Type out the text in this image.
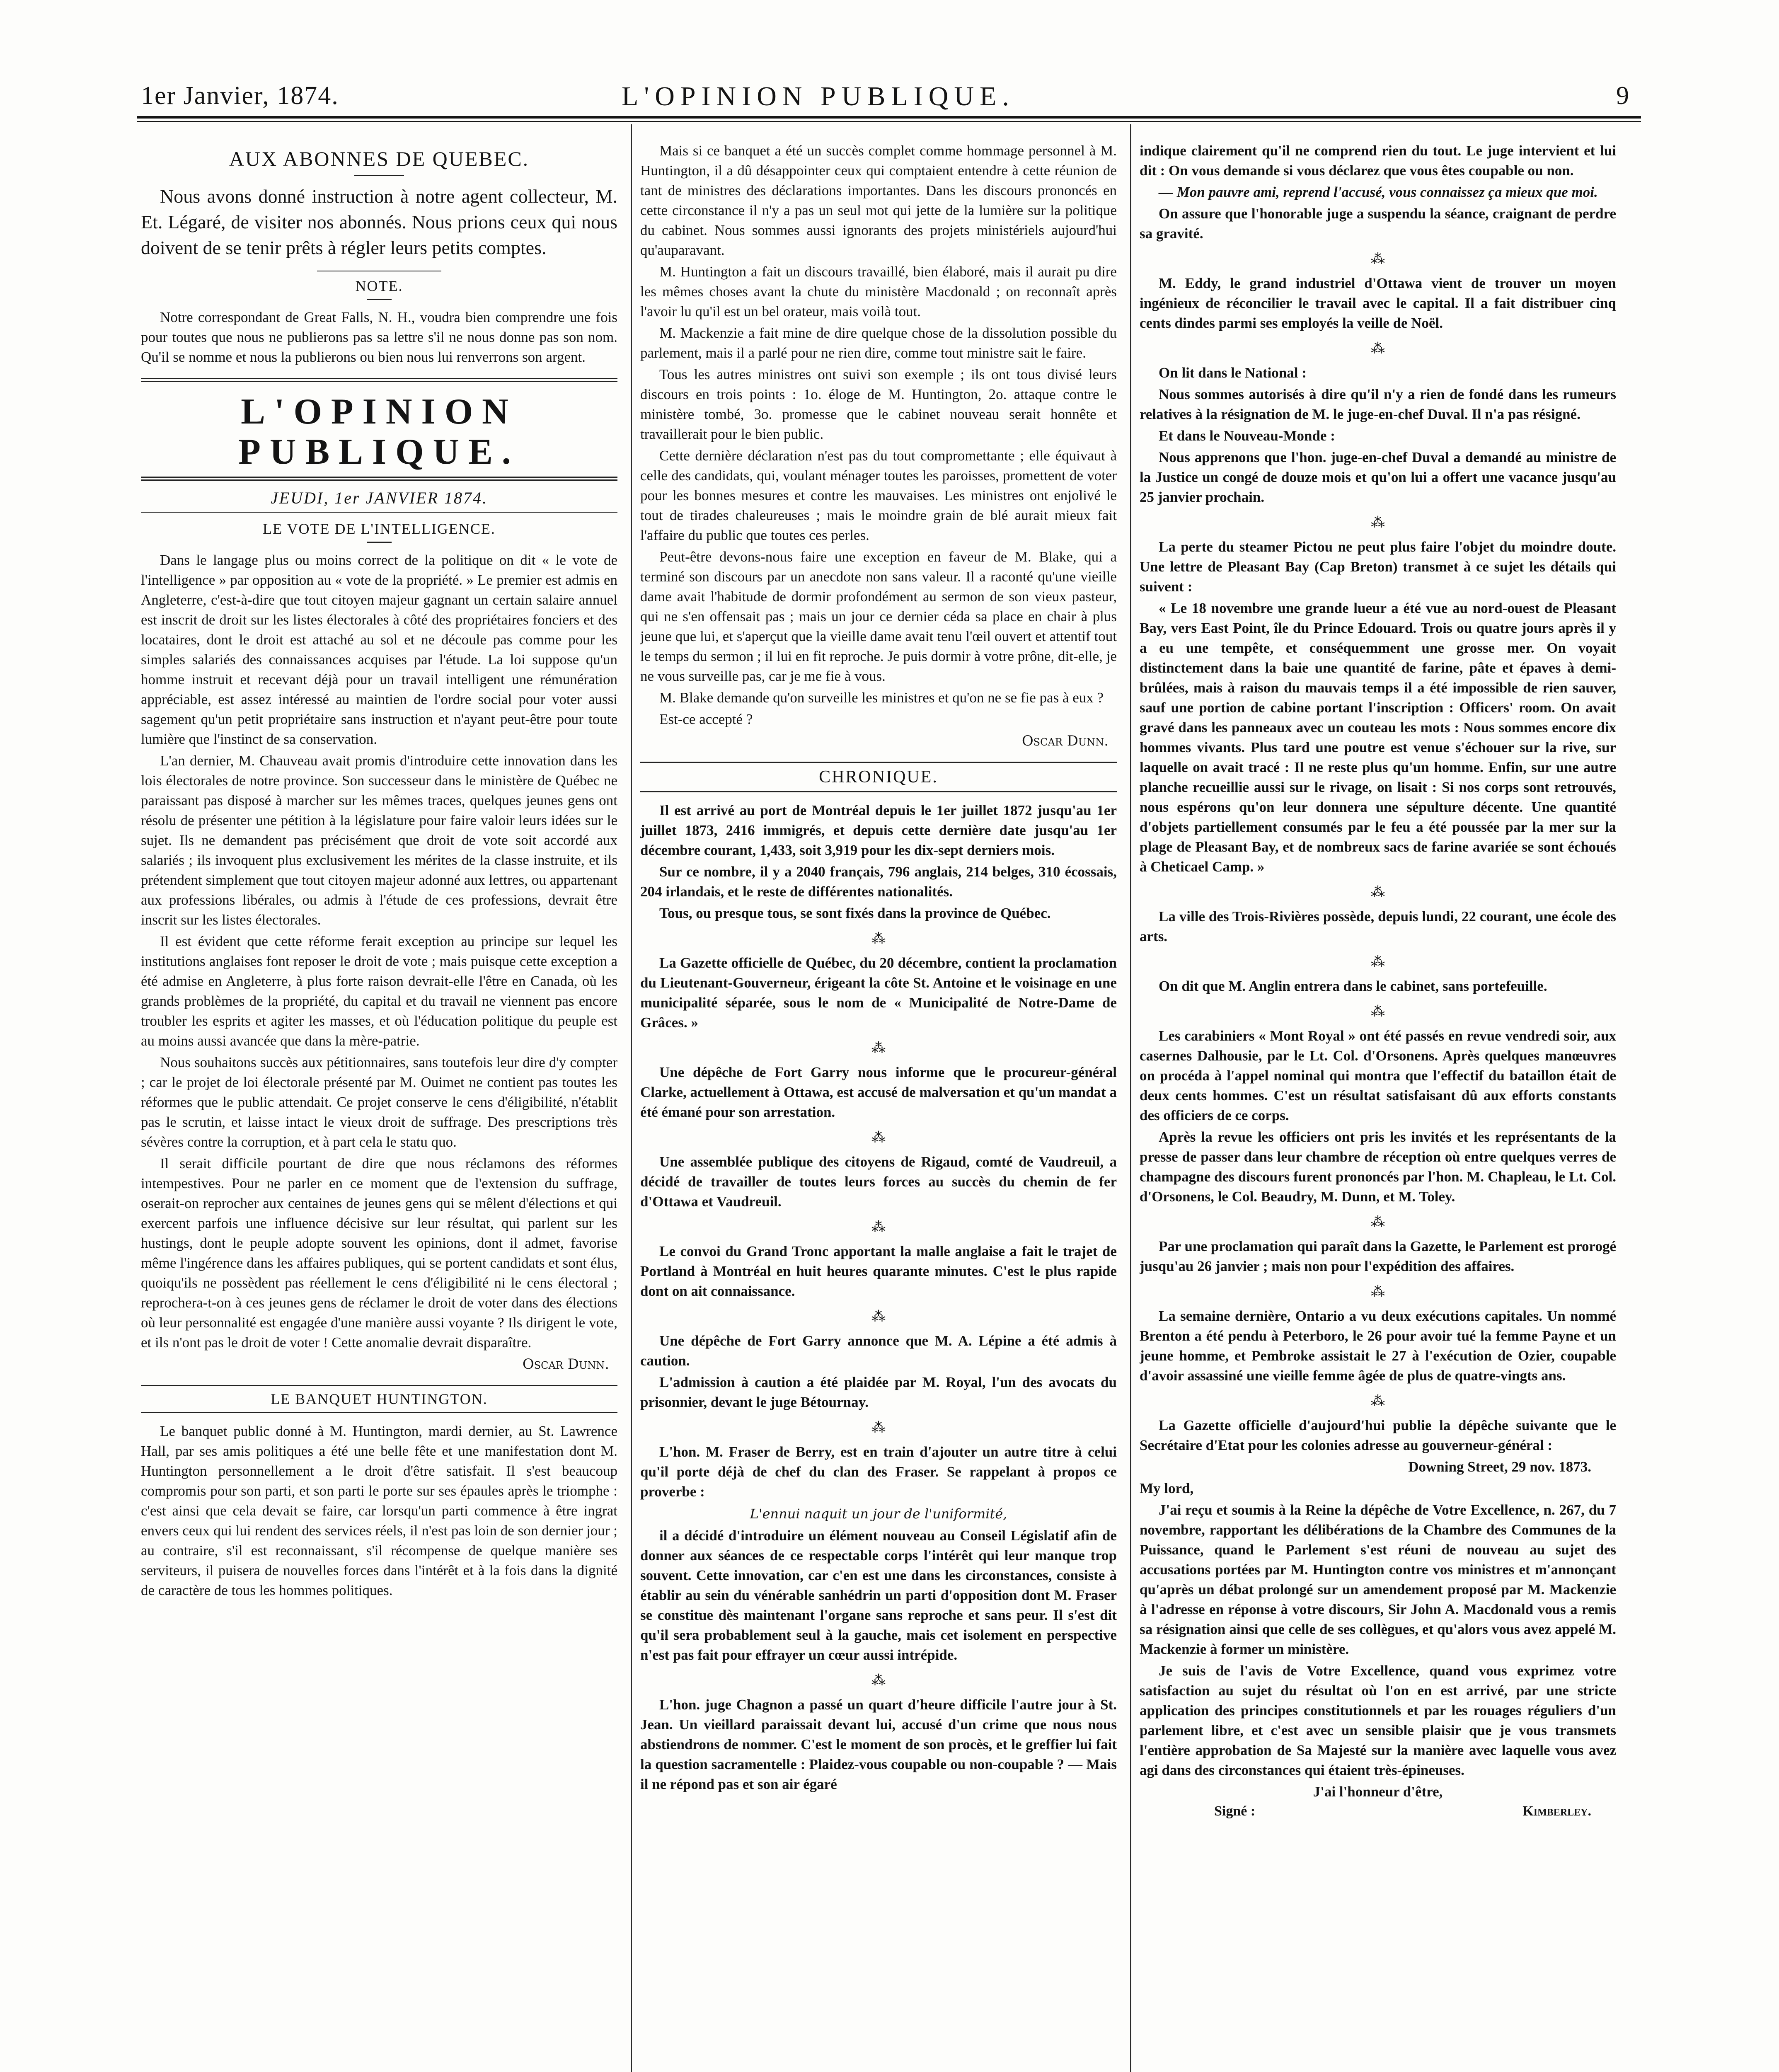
1er Janvier, 1874.	L'OPINION PUBLIQUE.	9
AUX ABONNES DE QUEBEC.

Nous avons donné instruction à notre agent collecteur, M. Et. Légaré, de visiter nos abonnés. Nous prions ceux qui nous doivent de se tenir prêts à régler leurs petits comptes.

NOTE.

Notre correspondant de Great Falls, N. H., voudra bien comprendre une fois pour toutes que nous ne publierons pas sa lettre s'il ne nous donne pas son nom. Qu'il se nomme et nous la publierons ou bien nous lui renverrons son argent.

L'OPINION PUBLIQUE.
JEUDI, 1er JANVIER 1874.
LE VOTE DE L'INTELLIGENCE.

Dans le langage plus ou moins correct de la politique on dit « le vote de l'intelligence » par opposition au « vote de la propriété. » Le premier est admis en Angleterre, c'est-à-dire que tout citoyen majeur gagnant un certain salaire annuel est inscrit de droit sur les listes électorales à côté des propriétaires fonciers et des locataires, dont le droit est attaché au sol et ne découle pas comme pour les simples salariés des connaissances acquises par l'étude. La loi suppose qu'un homme instruit et recevant déjà pour un travail intelligent une rémunération appréciable, est assez intéressé au maintien de l'ordre social pour voter aussi sagement qu'un petit propriétaire sans instruction et n'ayant peut-être pour toute lumière que l'instinct de sa conservation.

L'an dernier, M. Chauveau avait promis d'introduire cette innovation dans les lois électorales de notre province. Son successeur dans le ministère de Québec ne paraissant pas disposé à marcher sur les mêmes traces, quelques jeunes gens ont résolu de présenter une pétition à la législature pour faire valoir leurs idées sur le sujet. Ils ne demandent pas précisément que droit de vote soit accordé aux salariés ; ils invoquent plus exclusivement les mérites de la classe instruite, et ils prétendent simplement que tout citoyen majeur adonné aux lettres, ou appartenant aux professions libérales, ou admis à l'étude de ces professions, devrait être inscrit sur les listes électorales.

Il est évident que cette réforme ferait exception au principe sur lequel les institutions anglaises font reposer le droit de vote ; mais puisque cette exception a été admise en Angleterre, à plus forte raison devrait-elle l'être en Canada, où les grands problèmes de la propriété, du capital et du travail ne viennent pas encore troubler les esprits et agiter les masses, et où l'éducation politique du peuple est au moins aussi avancée que dans la mère-patrie.

Nous souhaitons succès aux pétitionnaires, sans toutefois leur dire d'y compter ; car le projet de loi électorale présenté par M. Ouimet ne contient pas toutes les réformes que le public attendait. Ce projet conserve le cens d'éligibilité, n'établit pas le scrutin, et laisse intact le vieux droit de suffrage. Des prescriptions très sévères contre la corruption, et à part cela le statu quo.

Il serait difficile pourtant de dire que nous réclamons des réformes intempestives. Pour ne parler en ce moment que de l'extension du suffrage, oserait-on reprocher aux centaines de jeunes gens qui se mêlent d'élections et qui exercent parfois une influence décisive sur leur résultat, qui parlent sur les hustings, dont le peuple adopte souvent les opinions, dont il admet, favorise même l'ingérence dans les affaires publiques, qui se portent candidats et sont élus, quoiqu'ils ne possèdent pas réellement le cens d'éligibilité ni le cens électoral ; reprochera-t-on à ces jeunes gens de réclamer le droit de voter dans des élections où leur personnalité est engagée d'une manière aussi voyante ? Ils dirigent le vote, et ils n'ont pas le droit de voter ! Cette anomalie devrait disparaître.

Oscar Dunn.
LE BANQUET HUNTINGTON.

Le banquet public donné à M. Huntington, mardi dernier, au St. Lawrence Hall, par ses amis politiques a été une belle fête et une manifestation dont M. Huntington personnellement a le droit d'être satisfait. Il s'est beaucoup compromis pour son parti, et son parti le porte sur ses épaules après le triomphe : c'est ainsi que cela devait se faire, car lorsqu'un parti commence à être ingrat envers ceux qui lui rendent des services réels, il n'est pas loin de son dernier jour ; au contraire, s'il est reconnaissant, s'il récompense de quelque manière ses serviteurs, il puisera de nouvelles forces dans l'intérêt et à la fois dans la dignité de caractère de tous les hommes politiques.

Mais si ce banquet a été un succès complet comme hommage personnel à M. Huntington, il a dû désappointer ceux qui comptaient entendre à cette réunion de tant de ministres des déclarations importantes. Dans les discours prononcés en cette circonstance il n'y a pas un seul mot qui jette de la lumière sur la politique du cabinet. Nous sommes aussi ignorants des projets ministériels aujourd'hui qu'auparavant.

M. Huntington a fait un discours travaillé, bien élaboré, mais il aurait pu dire les mêmes choses avant la chute du ministère Macdonald ; on reconnaît après l'avoir lu qu'il est un bel orateur, mais voilà tout.

M. Mackenzie a fait mine de dire quelque chose de la dissolution possible du parlement, mais il a parlé pour ne rien dire, comme tout ministre sait le faire.

Tous les autres ministres ont suivi son exemple ; ils ont tous divisé leurs discours en trois points : 1o. éloge de M. Huntington, 2o. attaque contre le ministère tombé, 3o. promesse que le cabinet nouveau serait honnête et travaillerait pour le bien public.

Cette dernière déclaration n'est pas du tout compromettante ; elle équivaut à celle des candidats, qui, voulant ménager toutes les paroisses, promettent de voter pour les bonnes mesures et contre les mauvaises. Les ministres ont enjolivé le tout de tirades chaleureuses ; mais le moindre grain de blé aurait mieux fait l'affaire du public que toutes ces perles.

Peut-être devons-nous faire une exception en faveur de M. Blake, qui a terminé son discours par un anecdote non sans valeur. Il a raconté qu'une vieille dame avait l'habitude de dormir profondément au sermon de son vieux pasteur, qui ne s'en offensait pas ; mais un jour ce dernier céda sa place en chair à plus jeune que lui, et s'aperçut que la vieille dame avait tenu l'œil ouvert et attentif tout le temps du sermon ; il lui en fit reproche. Je puis dormir à votre prône, dit-elle, je ne vous surveille pas, car je me fie à vous.

M. Blake demande qu'on surveille les ministres et qu'on ne se fie pas à eux ?

Est-ce accepté ?

Oscar Dunn.
CHRONIQUE.

Il est arrivé au port de Montréal depuis le 1er juillet 1872 jusqu'au 1er juillet 1873, 2416 immigrés, et depuis cette dernière date jusqu'au 1er décembre courant, 1,433, soit 3,919 pour les dix-sept derniers mois.

Sur ce nombre, il y a 2040 français, 796 anglais, 214 belges, 310 écossais, 204 irlandais, et le reste de différentes nationalités.

Tous, ou presque tous, se sont fixés dans la province de Québec.

⁂

La Gazette officielle de Québec, du 20 décembre, contient la proclamation du Lieutenant-Gouverneur, érigeant la côte St. Antoine et le voisinage en une municipalité séparée, sous le nom de « Municipalité de Notre-Dame de Grâces. »

⁂

Une dépêche de Fort Garry nous informe que le procureur-général Clarke, actuellement à Ottawa, est accusé de malversation et qu'un mandat a été émané pour son arrestation.

⁂

Une assemblée publique des citoyens de Rigaud, comté de Vaudreuil, a décidé de travailler de toutes leurs forces au succès du chemin de fer d'Ottawa et Vaudreuil.

⁂

Le convoi du Grand Tronc apportant la malle anglaise a fait le trajet de Portland à Montréal en huit heures quarante minutes. C'est le plus rapide dont on ait connaissance.

⁂

Une dépêche de Fort Garry annonce que M. A. Lépine a été admis à caution.

L'admission à caution a été plaidée par M. Royal, l'un des avocats du prisonnier, devant le juge Bétournay.

⁂

L'hon. M. Fraser de Berry, est en train d'ajouter un autre titre à celui qu'il porte déjà de chef du clan des Fraser. Se rappelant à propos ce proverbe :

L'ennui naquit un jour de l'uniformité,

il a décidé d'introduire un élément nouveau au Conseil Législatif afin de donner aux séances de ce respectable corps l'intérêt qui leur manque trop souvent. Cette innovation, car c'en est une dans les circonstances, consiste à établir au sein du vénérable sanhédrin un parti d'opposition dont M. Fraser se constitue dès maintenant l'organe sans reproche et sans peur. Il s'est dit qu'il sera probablement seul à la gauche, mais cet isolement en perspective n'est pas fait pour effrayer un cœur aussi intrépide.

⁂

L'hon. juge Chagnon a passé un quart d'heure difficile l'autre jour à St. Jean. Un vieillard paraissait devant lui, accusé d'un crime que nous nous abstiendrons de nommer. C'est le moment de son procès, et le greffier lui fait la question sacramentelle : Plaidez-vous coupable ou non-coupable ? — Mais il ne répond pas et son air égaré

indique clairement qu'il ne comprend rien du tout. Le juge intervient et lui dit : On vous demande si vous déclarez que vous êtes coupable ou non.

— Mon pauvre ami, reprend l'accusé, vous connaissez ça mieux que moi.

On assure que l'honorable juge a suspendu la séance, craignant de perdre sa gravité.

⁂

M. Eddy, le grand industriel d'Ottawa vient de trouver un moyen ingénieux de réconcilier le travail avec le capital. Il a fait distribuer cinq cents dindes parmi ses employés la veille de Noël.

⁂

On lit dans le National :

Nous sommes autorisés à dire qu'il n'y a rien de fondé dans les rumeurs relatives à la résignation de M. le juge-en-chef Duval. Il n'a pas résigné.

Et dans le Nouveau-Monde :

Nous apprenons que l'hon. juge-en-chef Duval a demandé au ministre de la Justice un congé de douze mois et qu'on lui a offert une vacance jusqu'au 25 janvier prochain.

⁂

La perte du steamer Pictou ne peut plus faire l'objet du moindre doute. Une lettre de Pleasant Bay (Cap Breton) transmet à ce sujet les détails qui suivent :

« Le 18 novembre une grande lueur a été vue au nord-ouest de Pleasant Bay, vers East Point, île du Prince Edouard. Trois ou quatre jours après il y a eu une tempête, et conséquemment une grosse mer. On voyait distinctement dans la baie une quantité de farine, pâte et épaves à demi-brûlées, mais à raison du mauvais temps il a été impossible de rien sauver, sauf une portion de cabine portant l'inscription : Officers' room. On avait gravé dans les panneaux avec un couteau les mots : Nous sommes encore dix hommes vivants. Plus tard une poutre est venue s'échouer sur la rive, sur laquelle on avait tracé : Il ne reste plus qu'un homme. Enfin, sur une autre planche recueillie aussi sur le rivage, on lisait : Si nos corps sont retrouvés, nous espérons qu'on leur donnera une sépulture décente. Une quantité d'objets partiellement consumés par le feu a été poussée par la mer sur la plage de Pleasant Bay, et de nombreux sacs de farine avariée se sont échoués à Cheticael Camp. »

⁂

La ville des Trois-Rivières possède, depuis lundi, 22 courant, une école des arts.

⁂

On dit que M. Anglin entrera dans le cabinet, sans portefeuille.

⁂

Les carabiniers « Mont Royal » ont été passés en revue vendredi soir, aux casernes Dalhousie, par le Lt. Col. d'Orsonens. Après quelques manœuvres on procéda à l'appel nominal qui montra que l'effectif du bataillon était de deux cents hommes. C'est un résultat satisfaisant dû aux efforts constants des officiers de ce corps.

Après la revue les officiers ont pris les invités et les représentants de la presse de passer dans leur chambre de réception où entre quelques verres de champagne des discours furent prononcés par l'hon. M. Chapleau, le Lt. Col. d'Orsonens, le Col. Beaudry, M. Dunn, et M. Toley.

⁂

Par une proclamation qui paraît dans la Gazette, le Parlement est prorogé jusqu'au 26 janvier ; mais non pour l'expédition des affaires.

⁂

La semaine dernière, Ontario a vu deux exécutions capitales. Un nommé Brenton a été pendu à Peterboro, le 26 pour avoir tué la femme Payne et un jeune homme, et Pembroke assistait le 27 à l'exécution de Ozier, coupable d'avoir assassiné une vieille femme âgée de plus de quatre-vingts ans.

⁂

La Gazette officielle d'aujourd'hui publie la dépêche suivante que le Secrétaire d'Etat pour les colonies adresse au gouverneur-général :

Downing Street, 29 nov. 1873.

My lord,

J'ai reçu et soumis à la Reine la dépêche de Votre Excellence, n. 267, du 7 novembre, rapportant les délibérations de la Chambre des Communes de la Puissance, quand le Parlement s'est réuni de nouveau au sujet des accusations portées par M. Huntington contre vos ministres et m'annonçant qu'après un débat prolongé sur un amendement proposé par M. Mackenzie à l'adresse en réponse à votre discours, Sir John A. Macdonald vous a remis sa résignation ainsi que celle de ses collègues, et qu'alors vous avez appelé M. Mackenzie à former un ministère.

Je suis de l'avis de Votre Excellence, quand vous exprimez votre satisfaction au sujet du résultat où l'on en est arrivé, par une stricte application des principes constitutionnels et par les rouages réguliers d'un parlement libre, et c'est avec un sensible plaisir que je vous transmets l'entière approbation de Sa Majesté sur la manière avec laquelle vous avez agi dans des circonstances qui étaient très-épineuses.

J'ai l'honneur d'être,

Signé :	Kimberley.
